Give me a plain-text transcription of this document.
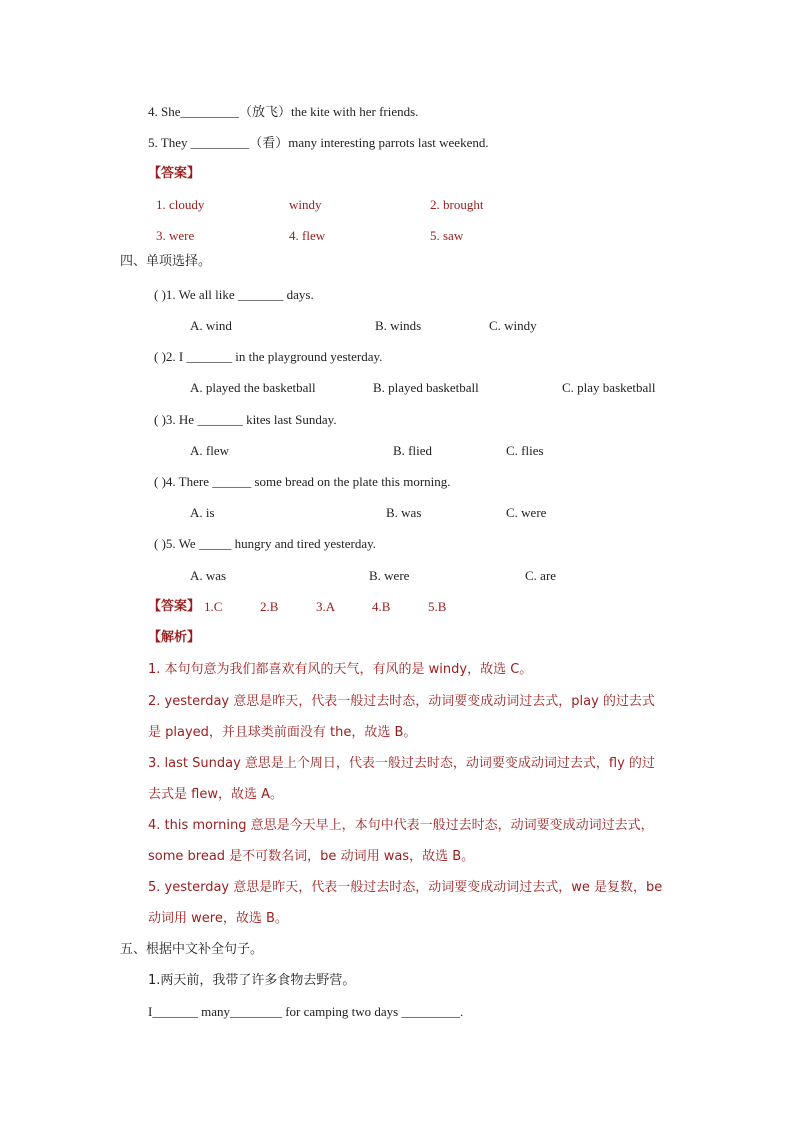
4. She_________（放飞）the kite with her friends.
5. They _________（看）many interesting parrots last weekend.
【答案】
1. cloudy	windy	2. brought
3. were	4. flew	5. saw
四、单项选择。
( )1. We all like _______ days.
A. wind	B. winds	C. windy
( )2. I _______ in the playground yesterday.
A. played the basketball	B. played basketball	C. play basketball
( )3. He _______ kites last Sunday.
A. flew	B. flied	C. flies
( )4. There ______ some bread on the plate this morning.
A. is	B. was	C. were
( )5. We _____ hungry and tired yesterday.
A. was	B. were	C. are
【答案】 1.C	2.B	3.A	4.B	5.B
【解析】
1. 本句句意为我们都喜欢有风的天气，有风的是 windy，故选 C。
2. yesterday 意思是昨天，代表一般过去时态，动词要变成动词过去式，play 的过去式
是 played，并且球类前面没有 the，故选 B。
3. last Sunday 意思是上个周日，代表一般过去时态，动词要变成动词过去式，fly 的过
去式是 flew，故选 A。
4. this morning 意思是今天早上，本句中代表一般过去时态，动词要变成动词过去式，
some bread 是不可数名词，be 动词用 was，故选 B。
5. yesterday 意思是昨天，代表一般过去时态，动词要变成动词过去式，we 是复数，be
动词用 were，故选 B。
五、根据中文补全句子。
1.两天前，我带了许多食物去野营。
I_______ many________ for camping two days _________.
